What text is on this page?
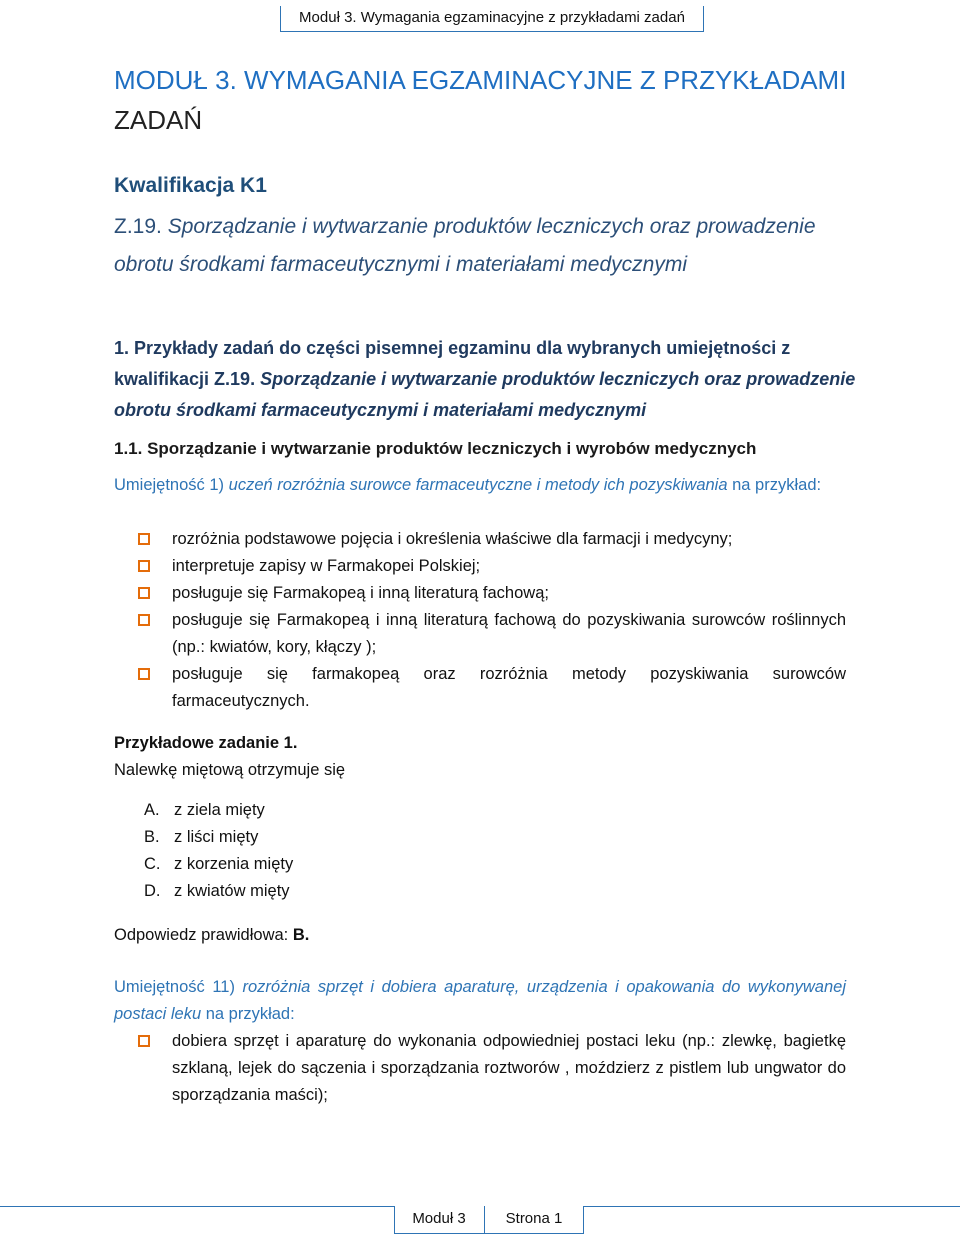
Moduł 3. Wymagania egzaminacyjne z przykładami zadań
MODUŁ 3. WYMAGANIA EGZAMINACYJNE Z PRZYKŁADAMI
ZADAŃ
Kwalifikacja K1
Z.19. Sporządzanie i wytwarzanie produktów leczniczych oraz prowadzenie obrotu środkami farmaceutycznymi i materiałami medycznymi
1. Przykłady zadań do części pisemnej egzaminu dla wybranych umiejętności z kwalifikacji Z.19. Sporządzanie i wytwarzanie produktów leczniczych oraz prowadzenie obrotu środkami farmaceutycznymi i materiałami medycznymi
1.1. Sporządzanie i wytwarzanie produktów leczniczych i wyrobów medycznych
Umiejętność 1) uczeń rozróżnia surowce farmaceutyczne i metody ich pozyskiwania na przykład:
rozróżnia podstawowe pojęcia i określenia właściwe dla farmacji i medycyny;
interpretuje zapisy w Farmakopei Polskiej;
posługuje się Farmakopeą i inną literaturą fachową;
posługuje się Farmakopeą i inną literaturą fachową do pozyskiwania surowców roślinnych (np.: kwiatów, kory, kłączy );
posługuje się farmakopeą oraz rozróżnia metody pozyskiwania surowców farmaceutycznych.
Przykładowe zadanie 1.
Nalewkę miętową otrzymuje się
A. z ziela mięty
B. z liści mięty
C. z korzenia mięty
D. z kwiatów mięty
Odpowiedz prawidłowa: B.
Umiejętność 11) rozróżnia sprzęt i dobiera aparaturę, urządzenia i opakowania do wykonywanej postaci leku na przykład:
dobiera sprzęt i aparaturę do wykonania odpowiedniej postaci leku (np.: zlewkę, bagietkę szklaną, lejek do sączenia i sporządzania roztworów , moździerz z pistlem lub ungwator do sporządzania maści);
Moduł 3	Strona 1
